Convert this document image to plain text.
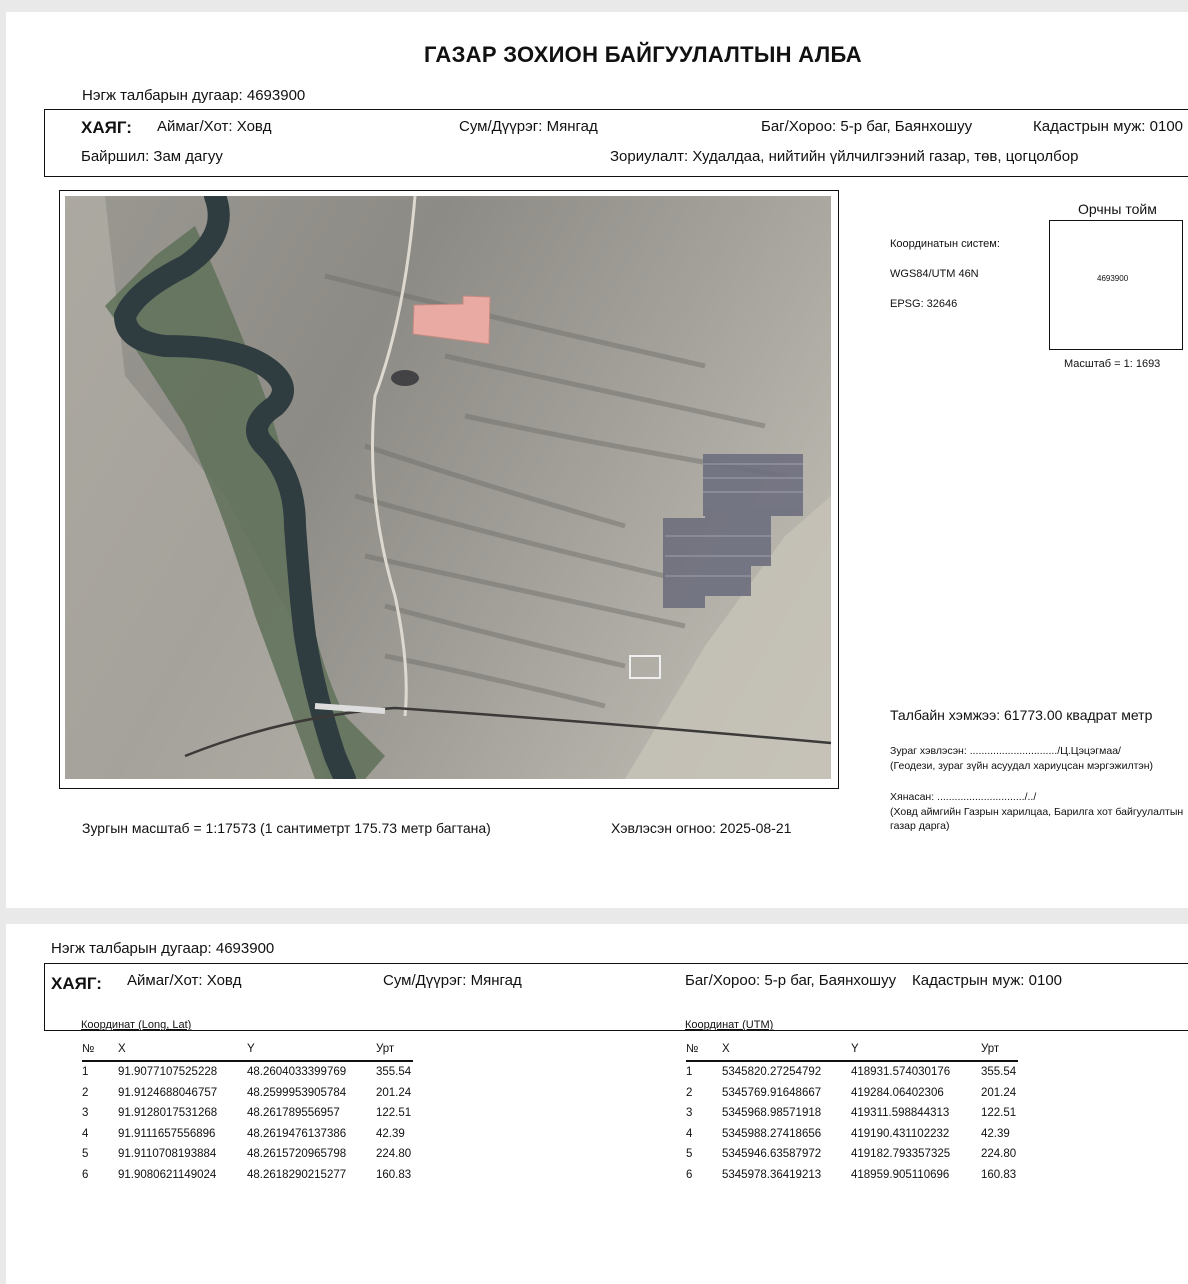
ГАЗАР ЗОХИОН БАЙГУУЛАЛТЫН АЛБА
Нэгж талбарын дугаар: 4693900
ХАЯГ: Аймаг/Хот: Ховд	Сум/Дүүрэг: Мянгад	Баг/Хороо: 5-р баг, Баянхошуу	Кадастрын муж: 0100
Байршил: Зам дагуу	Зориулалт: Худалдаа, нийтийн үйлчилгээний газар, төв, цогцолбор
Координатын систем:
WGS84/UTM 46N
EPSG: 32646
Орчны тойм
4693900
Масштаб = 1: 1693
Талбайн хэмжээ: 61773.00 квадрат метр
Зураг хэвлэсэн: ............................../Ц.Цэцэгмаа/
(Геодези, зураг зүйн асуудал хариуцсан мэргэжилтэн)
Хянасан: ............................../../
(Ховд аймгийн Газрын харилцаа, Барилга хот байгуулалтын
газар дарга)
Зургын масштаб = 1:17573 (1 сантиметрт 175.73 метр багтана)	Хэвлэсэн огноо: 2025-08-21
Нэгж талбарын дугаар: 4693900
ХАЯГ: Аймаг/Хот: Ховд	Сум/Дүүрэг: Мянгад	Баг/Хороо: 5-р баг, Баянхошуу Кадастрын муж: 0100
Координат (Long, Lat)	Координат (UTM)
№	X	Y	Урт
1	91.9077107525228	48.2604033399769	355.54
2	91.9124688046757	48.2599953905784	201.24
3	91.9128017531268	48.261789556957	122.51
4	91.9111657556896	48.2619476137386	42.39
5	91.9110708193884	48.2615720965798	224.80
6	91.9080621149024	48.2618290215277	160.83
№	X	Y	Урт
1	5345820.27254792	418931.574030176	355.54
2	5345769.91648667	419284.06402306	201.24
3	5345968.98571918	419311.598844313	122.51
4	5345988.27418656	419190.431102232	42.39
5	5345946.63587972	419182.793357325	224.80
6	5345978.36419213	418959.905110696	160.83
